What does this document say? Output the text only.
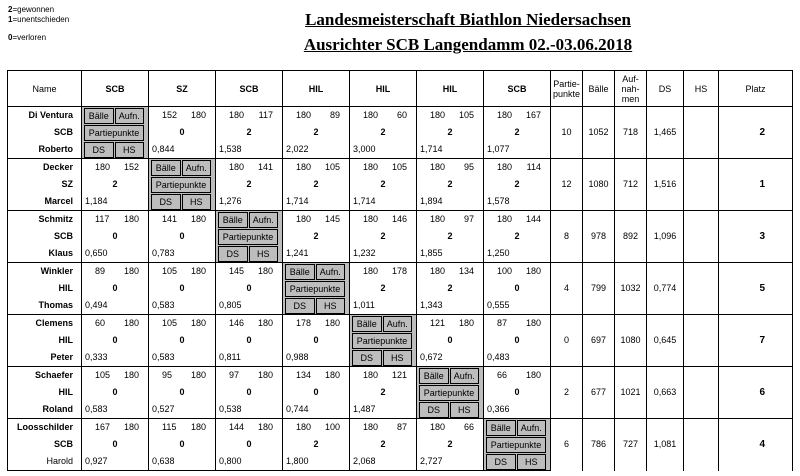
2=gewonnen
1=unentschieden
0=verloren
Landesmeisterschaft Biathlon Niedersachsen
Ausrichter SCB Langendamm 02.-03.06.2018
Name	SCB	SZ	SCB	HIL	HIL	HIL	SCB	Partie-
punkte	Bälle	Auf-
nah-
men	DS	HS	Platz
Di Ventura	Bälle Aufn.	152 180	180 117	180 89	180 60	180 105	180 167	10	1052	718	1,465		2
SCB	Partiepunkte	0	2	2	2	2	2						

Roberto	DS HS	0,844	1,538	2,022	3,000	1,714	1,077						

Decker	180 152	Bälle Aufn.	180 141	180 105	180 105	180 95	180 114	12	1080	712	1,516		1
SZ	2	Partiepunkte	2	2	2	2	2						

Marcel	1,184	DS HS	1,276	1,714	1,714	1,894	1,578						

Schmitz	117 180	141 180	Bälle Aufn.	180 145	180 146	180 97	180 144	8	978	892	1,096		3
SCB	0	0	Partiepunkte	2	2	2	2						

Klaus	0,650	0,783	DS HS	1,241	1,232	1,855	1,250						

Winkler	89 180	105 180	145 180	Bälle Aufn.	180 178	180 134	100 180	4	799	1032	0,774		5
HIL	0	0	0	Partiepunkte	2	2	0						

Thomas	0,494	0,583	0,805	DS HS	1,011	1,343	0,555						

Clemens	60 180	105 180	146 180	178 180	Bälle Aufn.	121 180	87 180	0	697	1080	0,645		7
HIL	0	0	0	0	Partiepunkte	0	0						

Peter	0,333	0,583	0,811	0,988	DS HS	0,672	0,483						

Schaefer	105 180	95 180	97 180	134 180	180 121	Bälle Aufn.	66 180	2	677	1021	0,663		6
HIL	0	0	0	0	2	Partiepunkte	0						

Roland	0,583	0,527	0,538	0,744	1,487	DS HS	0,366						

Loosschilder	167 180	115 180	144 180	180 100	180 87	180 66	Bälle Aufn.	6	786	727	1,081		4
SCB	0	0	0	2	2	2	Partiepunkte						

Harold	0,927	0,638	0,800	1,800	2,068	2,727	DS HS						
